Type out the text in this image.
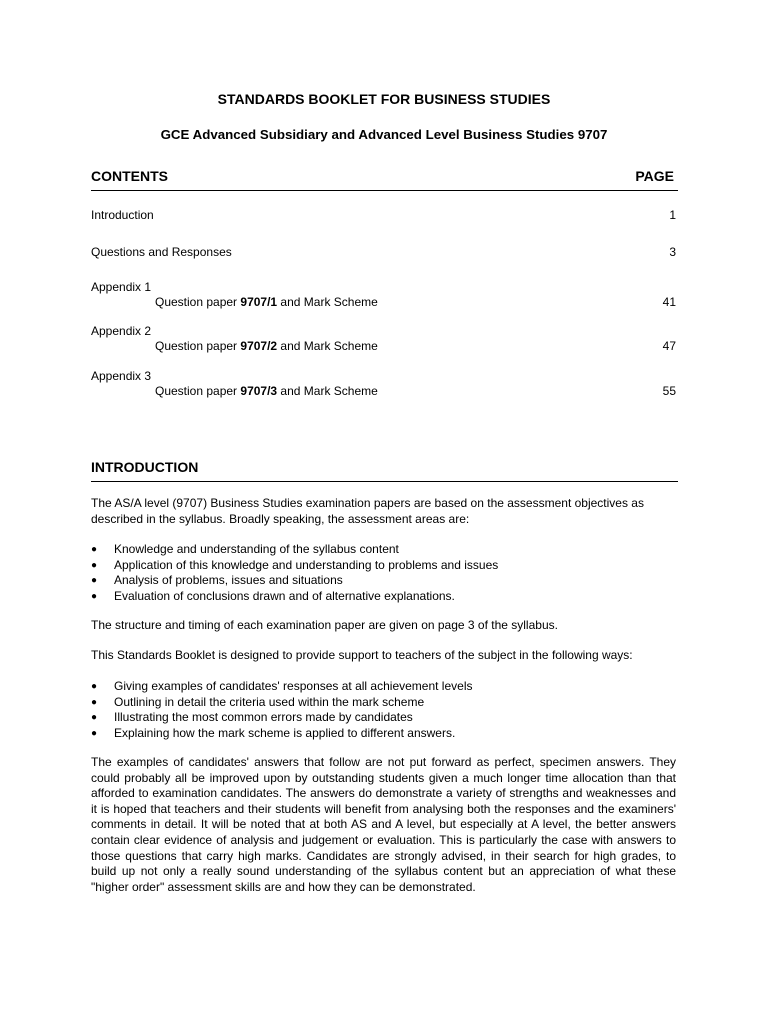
STANDARDS BOOKLET FOR BUSINESS STUDIES
GCE Advanced Subsidiary and Advanced Level Business Studies 9707
CONTENTS	PAGE
Introduction	1
Questions and Responses	3
Appendix 1
Question paper 9707/1 and Mark Scheme	41
Appendix 2
Question paper 9707/2 and Mark Scheme	47
Appendix 3
Question paper 9707/3 and Mark Scheme	55
INTRODUCTION

The AS/A level (9707) Business Studies examination papers are based on the assessment objectives as described in the syllabus. Broadly speaking, the assessment areas are:

● Knowledge and understanding of the syllabus content
● Application of this knowledge and understanding to problems and issues
● Analysis of problems, issues and situations
● Evaluation of conclusions drawn and of alternative explanations.

The structure and timing of each examination paper are given on page 3 of the syllabus.

This Standards Booklet is designed to provide support to teachers of the subject in the following ways:

● Giving examples of candidates' responses at all achievement levels
● Outlining in detail the criteria used within the mark scheme
● Illustrating the most common errors made by candidates
● Explaining how the mark scheme is applied to different answers.

The examples of candidates' answers that follow are not put forward as perfect, specimen answers. They could probably all be improved upon by outstanding students given a much longer time allocation than that afforded to examination candidates. The answers do demonstrate a variety of strengths and weaknesses and it is hoped that teachers and their students will benefit from analysing both the responses and the examiners' comments in detail. It will be noted that at both AS and A level, but especially at A level, the better answers contain clear evidence of analysis and judgement or evaluation. This is particularly the case with answers to those questions that carry high marks. Candidates are strongly advised, in their search for high grades, to build up not only a really sound understanding of the syllabus content but an appreciation of what these "higher order" assessment skills are and how they can be demonstrated.
